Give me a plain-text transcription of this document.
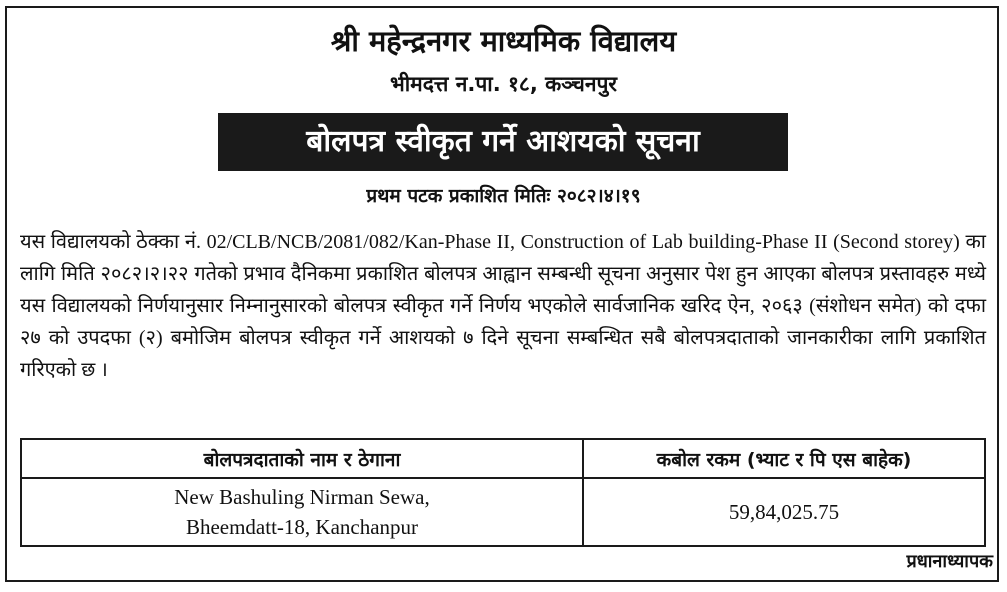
श्री महेन्द्रनगर माध्यमिक विद्यालय
भीमदत्त न.पा. १८, कञ्चनपुर
बोलपत्र स्वीकृत गर्ने आशयको सूचना
प्रथम पटक प्रकाशित मितिः २०८२।४।१९
यस विद्यालयको ठेक्का नं. 02/CLB/NCB/2081/082/Kan-Phase II, Construction of Lab building-Phase II (Second storey) का लागि मिति २०८२।२।२२ गतेको प्रभाव दैनिकमा प्रकाशित बोलपत्र आह्वान सम्बन्धी सूचना अनुसार पेश हुन आएका बोलपत्र प्रस्तावहरु मध्ये यस विद्यालयको निर्णयानुसार निम्नानुसारको बोलपत्र स्वीकृत गर्ने निर्णय भएकोले सार्वजानिक खरिद ऐन, २०६३ (संशोधन समेत) को दफा २७ को उपदफा (२) बमोजिम बोलपत्र स्वीकृत गर्ने आशयको ७ दिने सूचना सम्बन्धित सबै बोलपत्रदाताको जानकारीका लागि प्रकाशित गरिएको छ ।
बोलपत्रदाताको नाम र ठेगाना	कबोल रकम (भ्याट र पि एस बाहेक)

New Bashuling Nirman Sewa,
Bheemdatt-18, Kanchanpur	59,84,025.75
प्रधानाध्यापक
